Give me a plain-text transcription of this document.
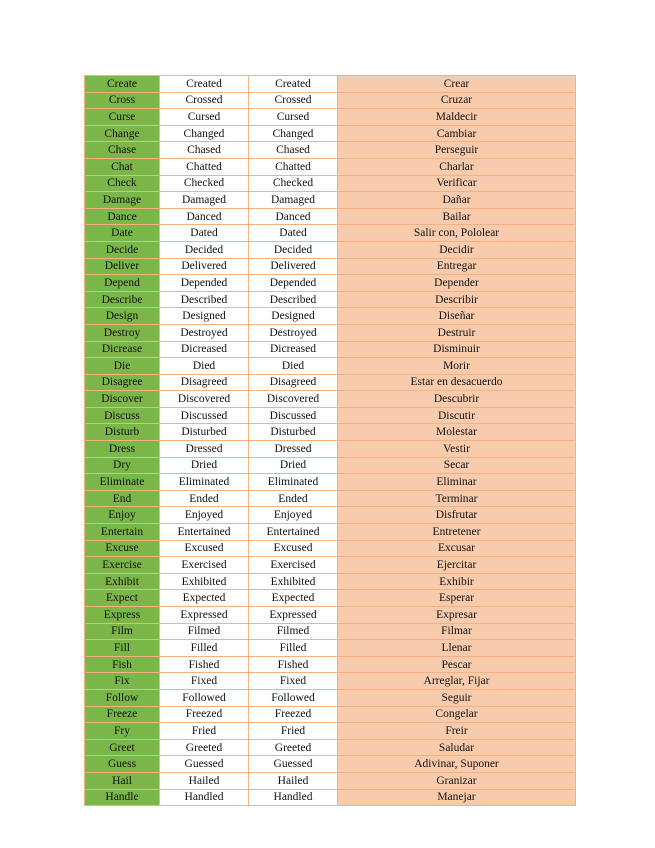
Create	Created	Created	Crear
Cross	Crossed	Crossed	Cruzar
Curse	Cursed	Cursed	Maldecir
Change	Changed	Changed	Cambiar
Chase	Chased	Chased	Perseguir
Chat	Chatted	Chatted	Charlar
Check	Checked	Checked	Verificar
Damage	Damaged	Damaged	Dañar
Dance	Danced	Danced	Bailar
Date	Dated	Dated	Salir con, Pololear
Decide	Decided	Decided	Decidir
Deliver	Delivered	Delivered	Entregar
Depend	Depended	Depended	Depender
Describe	Described	Described	Describir
Design	Designed	Designed	Diseñar
Destroy	Destroyed	Destroyed	Destruir
Dicrease	Dicreased	Dicreased	Disminuir
Die	Died	Died	Morir
Disagree	Disagreed	Disagreed	Estar en desacuerdo
Discover	Discovered	Discovered	Descubrir
Discuss	Discussed	Discussed	Discutir
Disturb	Disturbed	Disturbed	Molestar
Dress	Dressed	Dressed	Vestir
Dry	Dried	Dried	Secar
Eliminate	Eliminated	Eliminated	Eliminar
End	Ended	Ended	Terminar
Enjoy	Enjoyed	Enjoyed	Disfrutar
Entertain	Entertained	Entertained	Entretener
Excuse	Excused	Excused	Excusar
Exercise	Exercised	Exercised	Ejercitar
Exhibit	Exhibited	Exhibited	Exhibir
Expect	Expected	Expected	Esperar
Express	Expressed	Expressed	Expresar
Film	Filmed	Filmed	Filmar
Fill	Filled	Filled	Llenar
Fish	Fished	Fished	Pescar
Fix	Fixed	Fixed	Arreglar, Fijar
Follow	Followed	Followed	Seguir
Freeze	Freezed	Freezed	Congelar
Fry	Fried	Fried	Freir
Greet	Greeted	Greeted	Saludar
Guess	Guessed	Guessed	Adivinar, Suponer
Hail	Hailed	Hailed	Granizar
Handle	Handled	Handled	Manejar
